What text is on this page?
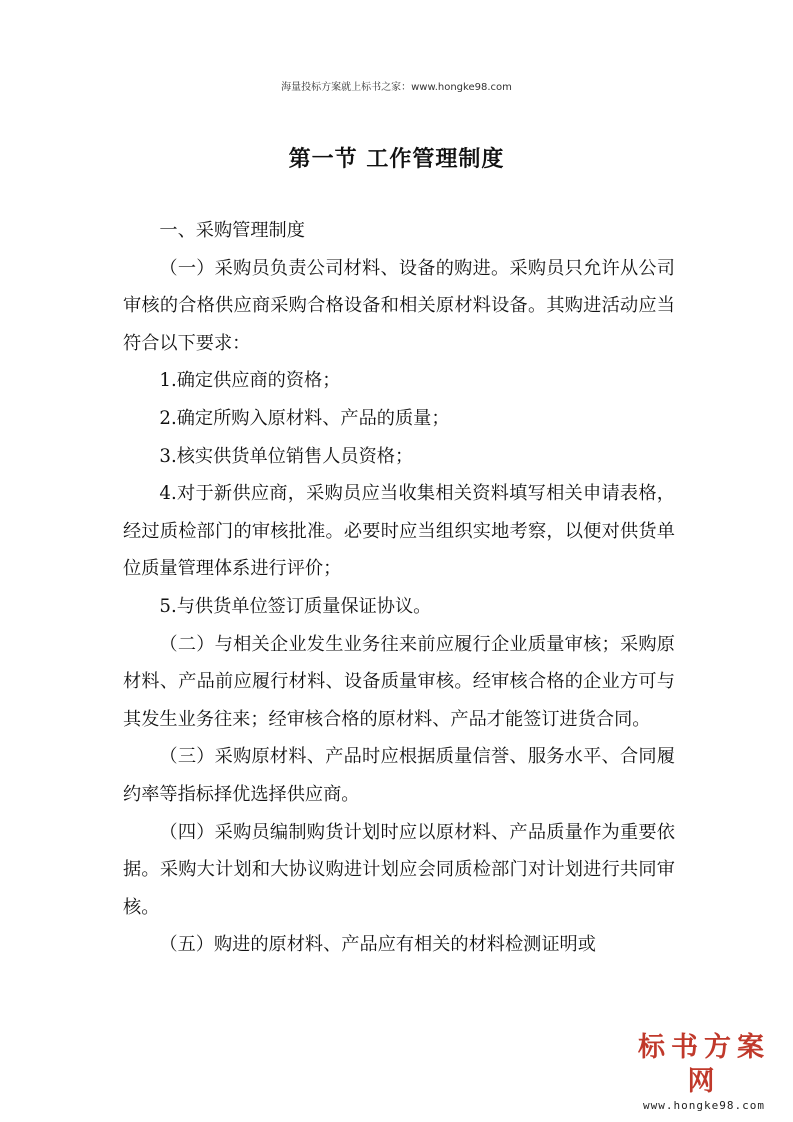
海量投标方案就上标书之家：www.hongke98.com
第一节 工作管理制度

一、采购管理制度

（一）采购员负责公司材料、设备的购进。采购员只允许从公司审核的合格供应商采购合格设备和相关原材料设备。其购进活动应当符合以下要求：

1.确定供应商的资格；

2.确定所购入原材料、产品的质量；

3.核实供货单位销售人员资格；

4.对于新供应商，采购员应当收集相关资料填写相关申请表格，经过质检部门的审核批准。必要时应当组织实地考察，以便对供货单位质量管理体系进行评价；

5.与供货单位签订质量保证协议。

（二）与相关企业发生业务往来前应履行企业质量审核；采购原材料、产品前应履行材料、设备质量审核。经审核合格的企业方可与其发生业务往来；经审核合格的原材料、产品才能签订进货合同。

（三）采购原材料、产品时应根据质量信誉、服务水平、合同履约率等指标择优选择供应商。

（四）采购员编制购货计划时应以原材料、产品质量作为重要依据。采购大计划和大协议购进计划应会同质检部门对计划进行共同审核。

（五）购进的原材料、产品应有相关的材料检测证明或

标书方案网
www.hongke98.com
